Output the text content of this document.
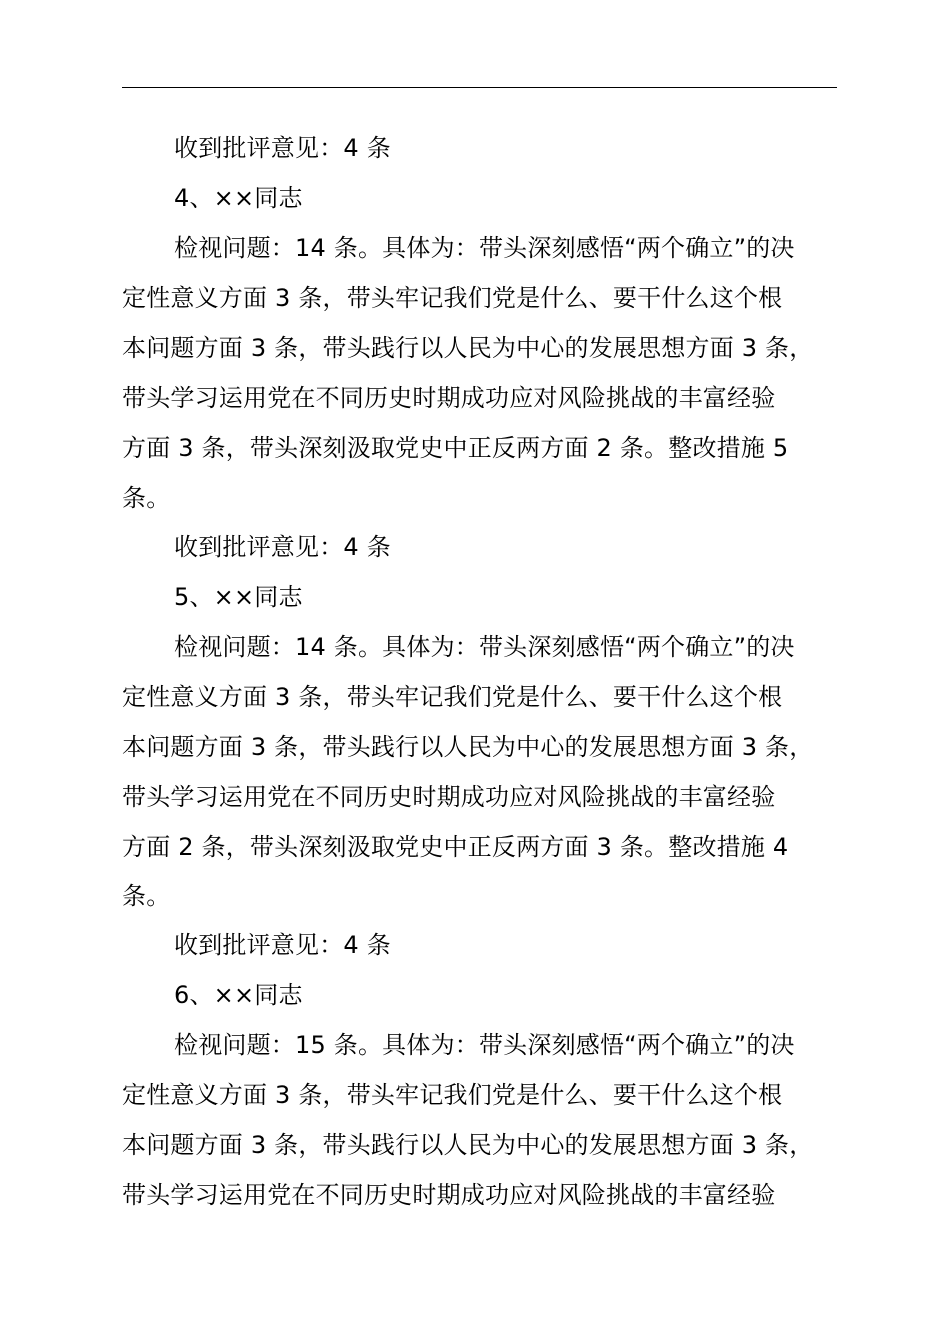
收到批评意见：4 条
4、××同志
检视问题：14 条。具体为：带头深刻感悟“两个确立”的决
定性意义方面 3 条，带头牢记我们党是什么、要干什么这个根
本问题方面 3 条，带头践行以人民为中心的发展思想方面 3 条，
带头学习运用党在不同历史时期成功应对风险挑战的丰富经验
方面 3 条，带头深刻汲取党史中正反两方面 2 条。整改措施 5
条。
收到批评意见：4 条
5、××同志
检视问题：14 条。具体为：带头深刻感悟“两个确立”的决
定性意义方面 3 条，带头牢记我们党是什么、要干什么这个根
本问题方面 3 条，带头践行以人民为中心的发展思想方面 3 条，
带头学习运用党在不同历史时期成功应对风险挑战的丰富经验
方面 2 条，带头深刻汲取党史中正反两方面 3 条。整改措施 4
条。
收到批评意见：4 条
6、××同志
检视问题：15 条。具体为：带头深刻感悟“两个确立”的决
定性意义方面 3 条，带头牢记我们党是什么、要干什么这个根
本问题方面 3 条，带头践行以人民为中心的发展思想方面 3 条，
带头学习运用党在不同历史时期成功应对风险挑战的丰富经验
